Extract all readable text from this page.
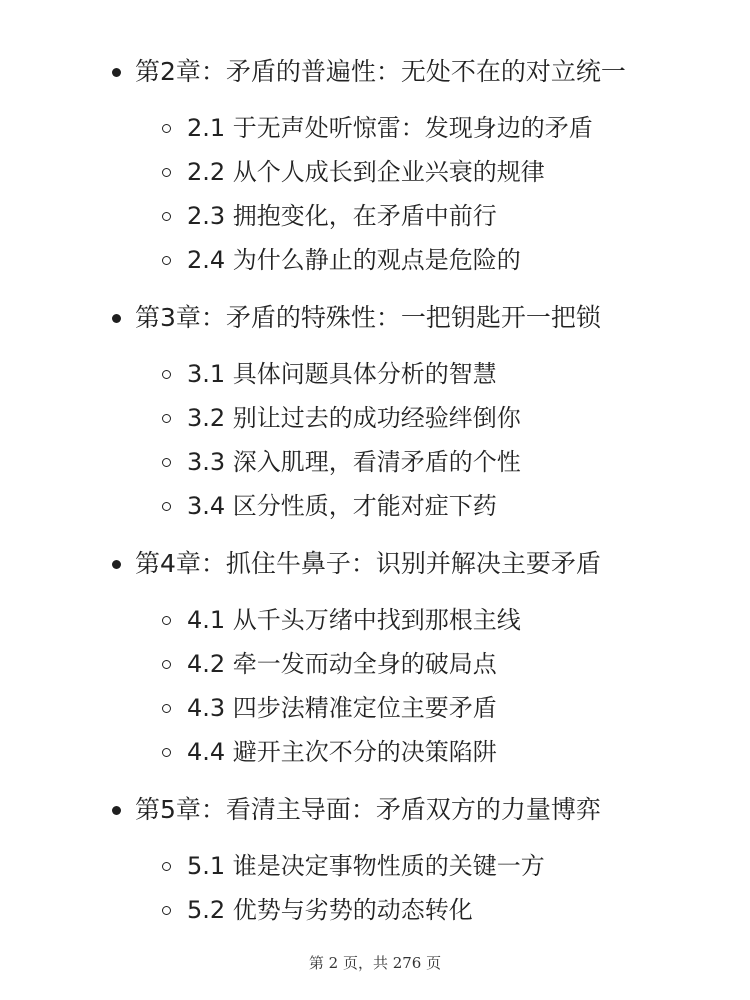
第2章：矛盾的普遍性：无处不在的对立统一
2.1 于无声处听惊雷：发现身边的矛盾
2.2 从个人成长到企业兴衰的规律
2.3 拥抱变化，在矛盾中前行
2.4 为什么静止的观点是危险的
第3章：矛盾的特殊性：一把钥匙开一把锁
3.1 具体问题具体分析的智慧
3.2 别让过去的成功经验绊倒你
3.3 深入肌理，看清矛盾的个性
3.4 区分性质，才能对症下药
第4章：抓住牛鼻子：识别并解决主要矛盾
4.1 从千头万绪中找到那根主线
4.2 牵一发而动全身的破局点
4.3 四步法精准定位主要矛盾
4.4 避开主次不分的决策陷阱
第5章：看清主导面：矛盾双方的力量博弈
5.1 谁是决定事物性质的关键一方
5.2 优势与劣势的动态转化
第 2 页，共 276 页
